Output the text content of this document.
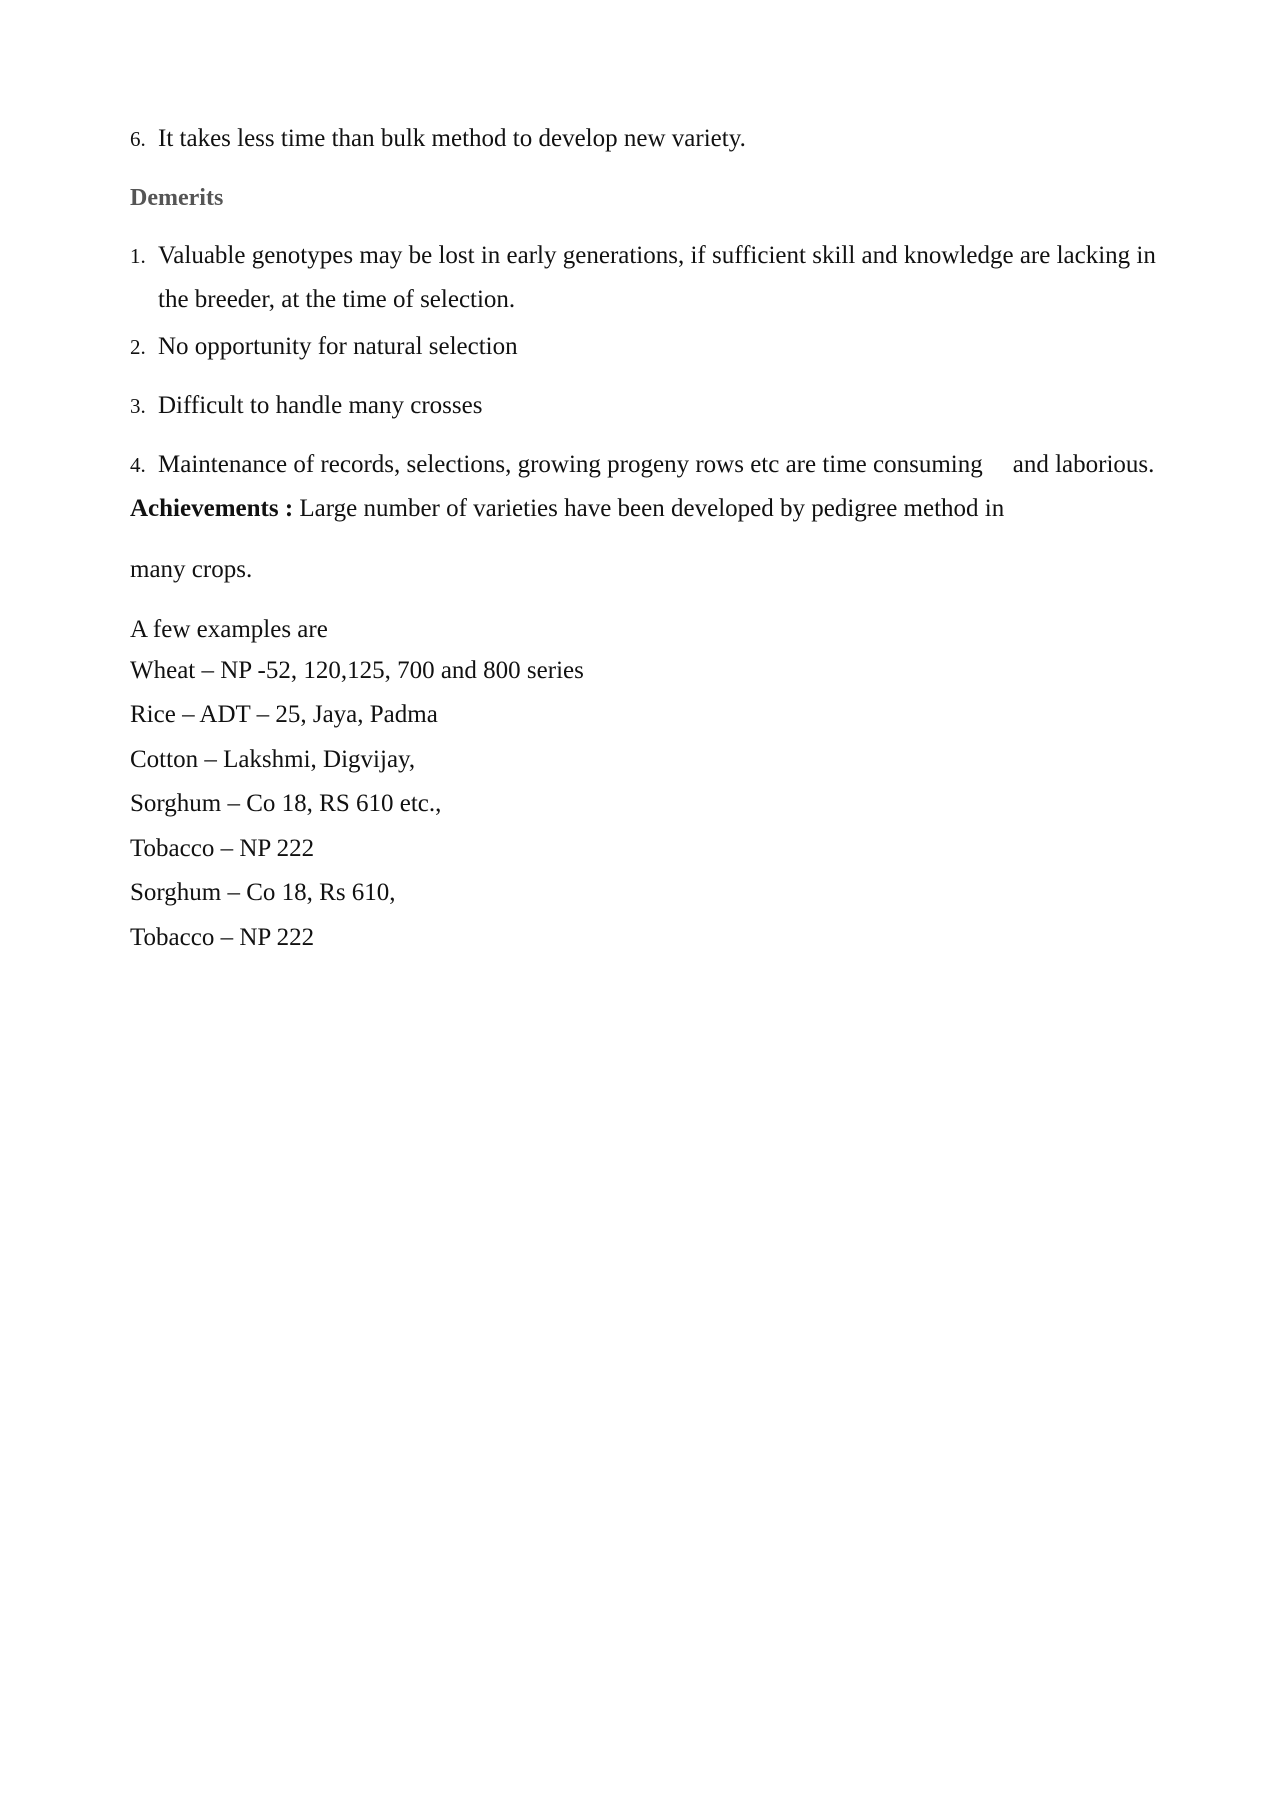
6. It takes less time than bulk method to develop new variety.
Demerits
1. Valuable genotypes may be lost in early generations, if sufficient skill and knowledge are lacking in
the breeder, at the time of selection.
2. No opportunity for natural selection
3. Difficult to handle many crosses
4. Maintenance of records, selections, growing progeny rows etc are time consuming and laborious.
Achievements : Large number of varieties have been developed by pedigree method in
many crops.
A few examples are
Wheat – NP -52, 120,125, 700 and 800 series
Rice – ADT – 25, Jaya, Padma
Cotton – Lakshmi, Digvijay,
Sorghum – Co 18, RS 610 etc.,
Tobacco – NP 222
Sorghum – Co 18, Rs 610,
Tobacco – NP 222
